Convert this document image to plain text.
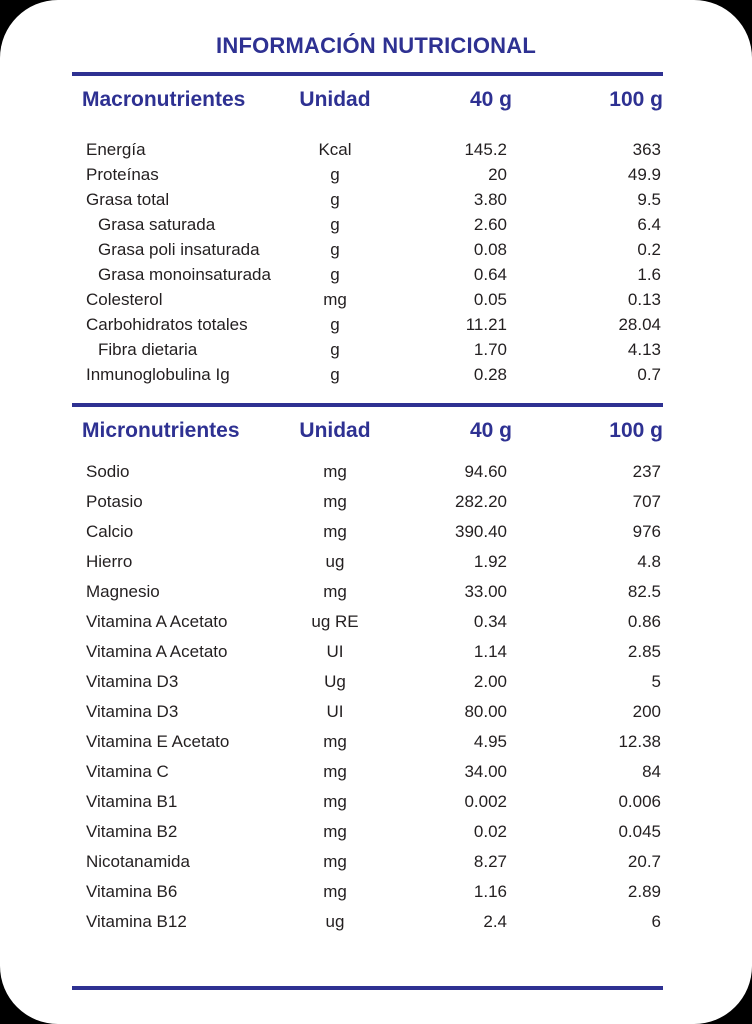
INFORMACIÓN NUTRICIONAL
Macronutrientes	Unidad	40 g	100 g
Energía	Kcal	145.2	363
Proteínas	g	20	49.9
Grasa total	g	3.80	9.5
Grasa saturada	g	2.60	6.4
Grasa poli insaturada	g	0.08	0.2
Grasa monoinsaturada	g	0.64	1.6
Colesterol	mg	0.05	0.13
Carbohidratos totales	g	11.21	28.04
Fibra dietaria	g	1.70	4.13
Inmunoglobulina Ig	g	0.28	0.7
Micronutrientes	Unidad	40 g	100 g
Sodio	mg	94.60	237
Potasio	mg	282.20	707
Calcio	mg	390.40	976
Hierro	ug	1.92	4.8
Magnesio	mg	33.00	82.5
Vitamina A Acetato	ug RE	0.34	0.86
Vitamina A Acetato	UI	1.14	2.85
Vitamina D3	Ug	2.00	5
Vitamina D3	UI	80.00	200
Vitamina E Acetato	mg	4.95	12.38
Vitamina C	mg	34.00	84
Vitamina B1	mg	0.002	0.006
Vitamina B2	mg	0.02	0.045
Nicotanamida	mg	8.27	20.7
Vitamina B6	mg	1.16	2.89
Vitamina B12	ug	2.4	6
